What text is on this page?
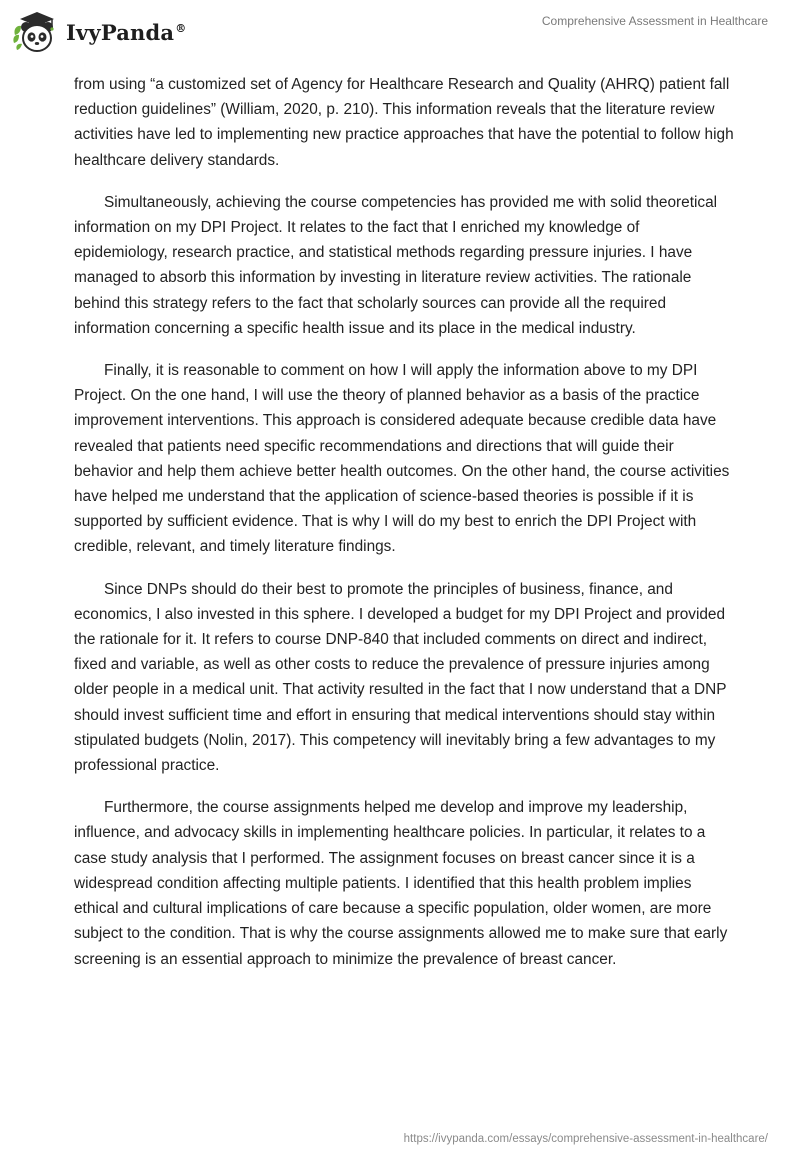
IvyPanda®	Comprehensive Assessment in Healthcare

from using “a customized set of Agency for Healthcare Research and Quality (AHRQ) patient fall reduction guidelines” (William, 2020, p. 210). This information reveals that the literature review activities have led to implementing new practice approaches that have the potential to follow high healthcare delivery standards.

Simultaneously, achieving the course competencies has provided me with solid theoretical information on my DPI Project. It relates to the fact that I enriched my knowledge of epidemiology, research practice, and statistical methods regarding pressure injuries. I have managed to absorb this information by investing in literature review activities. The rationale behind this strategy refers to the fact that scholarly sources can provide all the required information concerning a specific health issue and its place in the medical industry.

Finally, it is reasonable to comment on how I will apply the information above to my DPI Project. On the one hand, I will use the theory of planned behavior as a basis of the practice improvement interventions. This approach is considered adequate because credible data have revealed that patients need specific recommendations and directions that will guide their behavior and help them achieve better health outcomes. On the other hand, the course activities have helped me understand that the application of science-based theories is possible if it is supported by sufficient evidence. That is why I will do my best to enrich the DPI Project with credible, relevant, and timely literature findings.

Since DNPs should do their best to promote the principles of business, finance, and economics, I also invested in this sphere. I developed a budget for my DPI Project and provided the rationale for it. It refers to course DNP-840 that included comments on direct and indirect, fixed and variable, as well as other costs to reduce the prevalence of pressure injuries among older people in a medical unit. That activity resulted in the fact that I now understand that a DNP should invest sufficient time and effort in ensuring that medical interventions should stay within stipulated budgets (Nolin, 2017). This competency will inevitably bring a few advantages to my professional practice.

Furthermore, the course assignments helped me develop and improve my leadership, influence, and advocacy skills in implementing healthcare policies. In particular, it relates to a case study analysis that I performed. The assignment focuses on breast cancer since it is a widespread condition affecting multiple patients. I identified that this health problem implies ethical and cultural implications of care because a specific population, older women, are more subject to the condition. That is why the course assignments allowed me to make sure that early screening is an essential approach to minimize the prevalence of breast cancer.

https://ivypanda.com/essays/comprehensive-assessment-in-healthcare/
